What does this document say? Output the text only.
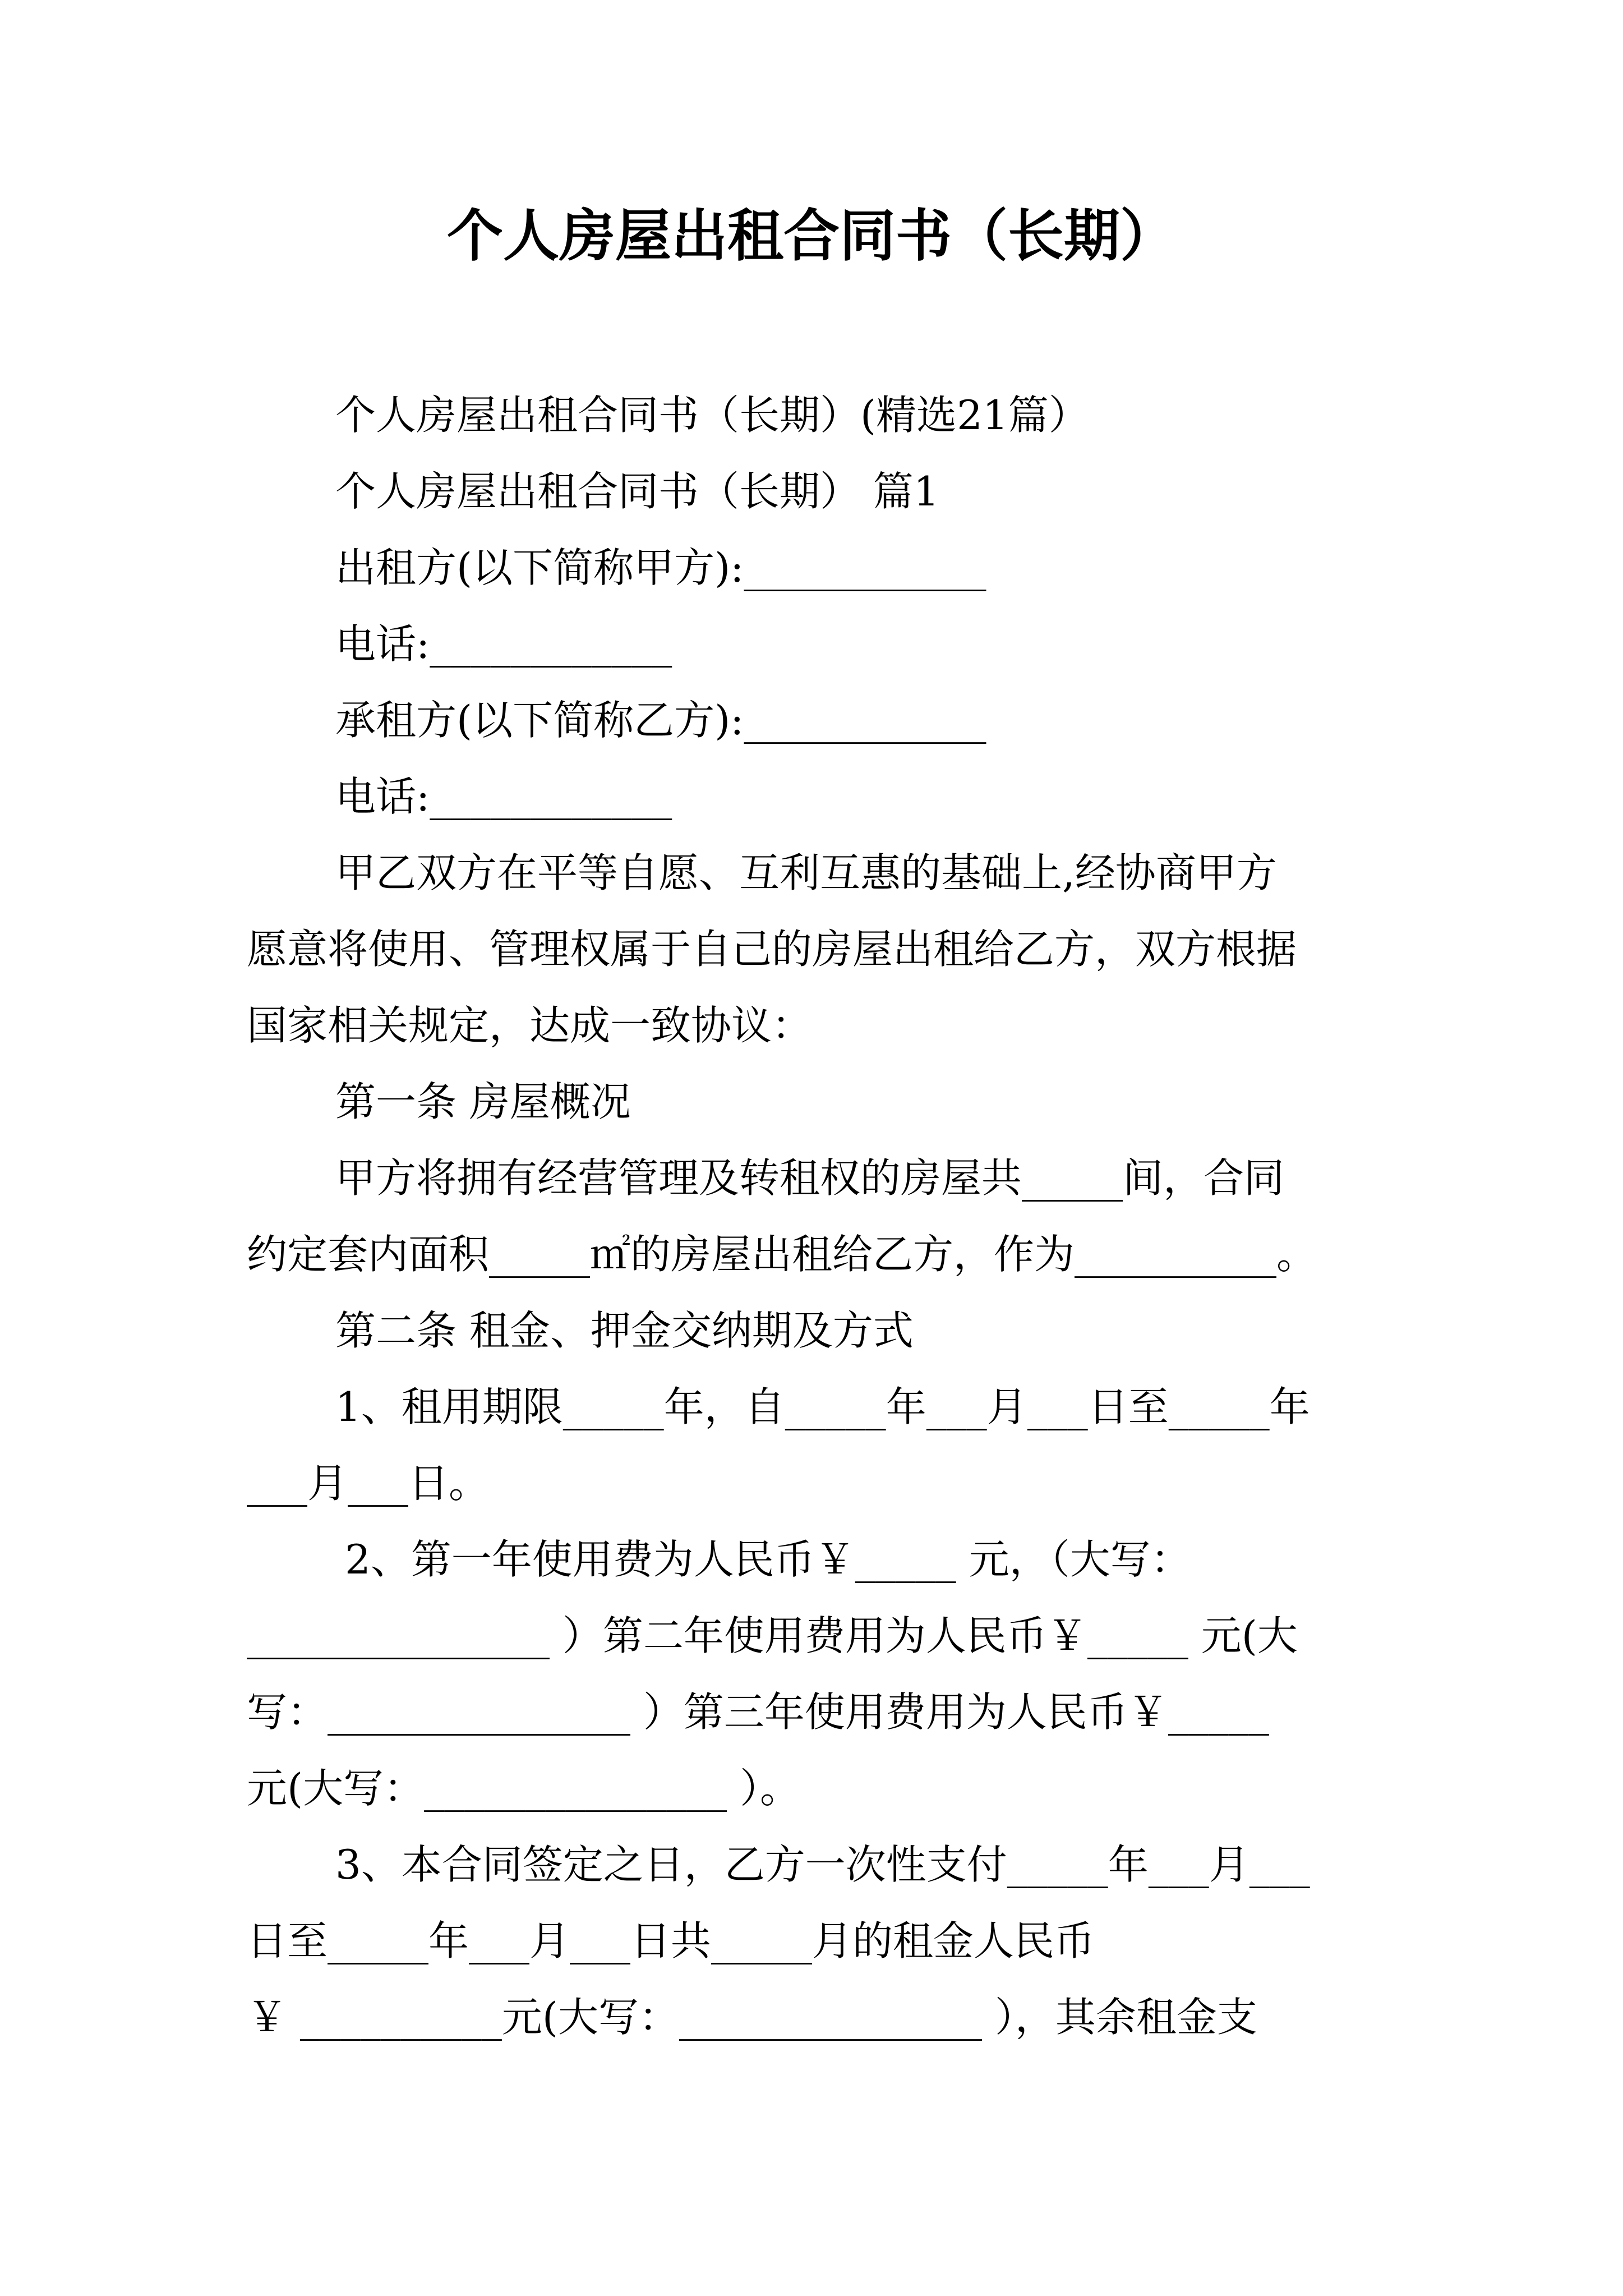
个人房屋出租合同书（长期）

个人房屋出租合同书（长期）(精选21篇）

个人房屋出租合同书（长期） 篇1

出租方(以下简称甲方):____________

电话:____________

承租方(以下简称乙方):____________

电话:____________

甲乙双方在平等自愿、互利互惠的基础上,经协商甲方

愿意将使用、管理权属于自己的房屋出租给乙方，双方根据

国家相关规定，达成一致协议：

第一条 房屋概况

甲方将拥有经营管理及转租权的房屋共_____间，合同

约定套内面积_____㎡的房屋出租给乙方，作为__________。

第二条 租金、押金交纳期及方式

1、租用期限_____年，自_____年___月___日至_____年

___月___日。

2、第一年使用费为人民币￥_____ 元，（大写：

_______________ ）第二年使用费用为人民币￥_____ 元(大

写：_______________ ）第三年使用费用为人民币￥_____

元(大写：_______________ ）。

3、本合同签定之日，乙方一次性支付_____年___月___

日至_____年___月___日共_____月的租金人民币

￥ __________元(大写：_______________ ），其余租金支
